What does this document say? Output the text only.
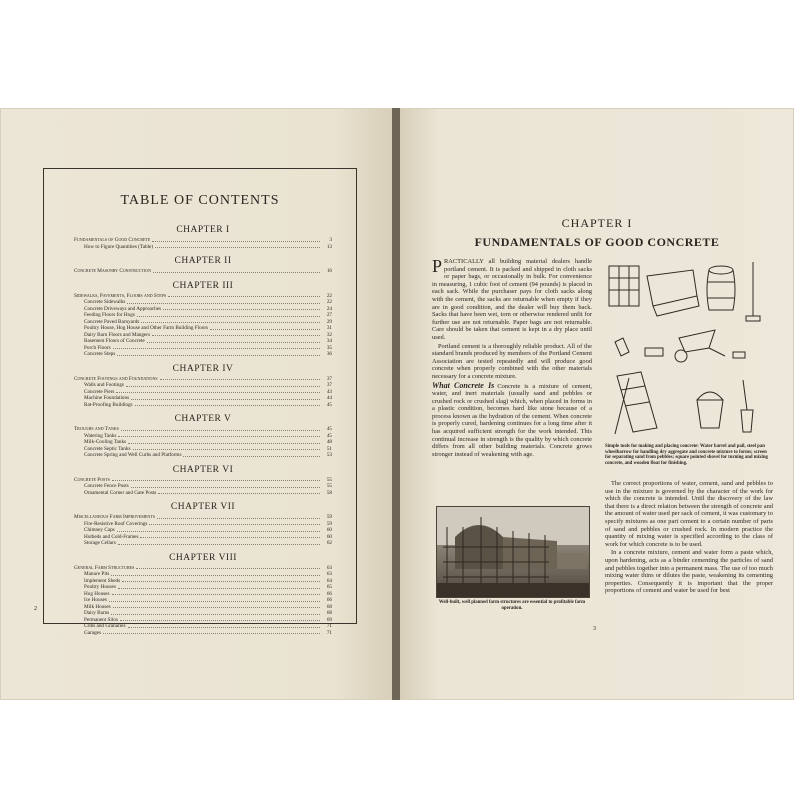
TABLE OF CONTENTS
CHAPTER I
Fundamentals of Good Concrete	3
How to Figure Quantities (Table)	13
CHAPTER II
Concrete Masonry Construction	16
CHAPTER III
Sidewalks, Pavements, Floors and Steps	22
Concrete Sidewalks	22
Concrete Driveways and Approaches	24
Feeding Floors for Hogs	27
Concrete Paved Barnyards	29
Poultry House, Hog House and Other Farm Building Floors	31
Dairy Barn Floors and Mangers	32
Basement Floors of Concrete	34
Porch Floors	35
Concrete Steps	36
CHAPTER IV
Concrete Footings and Foundations	37
Walls and Footings	37
Concrete Piers	43
Machine Foundations	44
Rat-Proofing Buildings	45
CHAPTER V
Troughs and Tanks	45
Watering Tanks	45
Milk-Cooling Tanks	48
Concrete Septic Tanks	51
Concrete Spring and Well Curbs and Platforms	53
CHAPTER VI
Concrete Posts	55
Concrete Fence Posts	55
Ornamental Corner and Gate Posts	58
CHAPTER VII
Miscellaneous Farm Improvements	59
Fire-Resistive Roof Coverings	59
Chimney Caps	60
Hotbeds and Cold-Frames	60
Storage Cellars	62
CHAPTER VIII
General Farm Structures	63
Manure Pits	63
Implement Sheds	64
Poultry Houses	65
Hog Houses	66
Ice Houses	66
Milk Houses	68
Dairy Barns	68
Permanent Silos	69
Cribs and Granaries	71
Garages	71
2
CHAPTER I
FUNDAMENTALS OF GOOD CONCRETE

PRACTICALLY all building material dealers handle portland cement. It is packed and shipped in cloth sacks or paper bags, or occasionally in bulk. For convenience in measuring, 1 cubic foot of cement (94 pounds) is placed in each sack. While the purchaser pays for cloth sacks along with the cement, the sacks are returnable when empty if they are in good condition, and the dealer will buy them back. Sacks that have been wet, torn or otherwise rendered unfit for further use are not returnable. Paper bags are not returnable. Care should be taken that cement is kept in a dry place until used.

Portland cement is a thoroughly reliable product. All of the standard brands produced by members of the Portland Cement Association are tested repeatedly and will produce good concrete when properly combined with the other materials necessary for a concrete mixture.

What Concrete Is Concrete is a mixture of cement, water, and inert materials (usually sand and pebbles or crushed rock or crushed slag) which, when placed in forms in a plastic condition, becomes hard like stone because of a process known as the hydration of the cement. When concrete is properly cured, hardening continues for a long time after it has acquired sufficient strength for the work intended. This continual increase in strength is the quality by which concrete differs from all other building materials. Concrete grows stronger instead of weakening with age.

Well-built, well planned farm structures are essential to profitable farm operation.
Simple tools for making and placing concrete: Water barrel and pail, steel pan wheelbarrow for handling dry aggregate and concrete mixture to forms; screen for separating sand from pebbles; square pointed shovel for turning and mixing concrete, and wooden float for finishing.

The correct proportions of water, cement, sand and pebbles to use in the mixture is governed by the character of the work for which the concrete is intended. Until the discovery of the law that there is a direct relation between the strength of concrete and the amount of water used per sack of cement, it was customary to specify mixtures as one part cement to a certain number of parts of sand and pebbles or crushed rock. In modern practice the quantity of mixing water is specified according to the class of work for which concrete is to be used.

In a concrete mixture, cement and water form a paste which, upon hardening, acts as a binder cementing the particles of sand and pebbles together into a permanent mass. The use of too much mixing water thins or dilutes the paste, weakening its cementing properties. Consequently it is important that the proper proportions of cement and water be used for best

3
